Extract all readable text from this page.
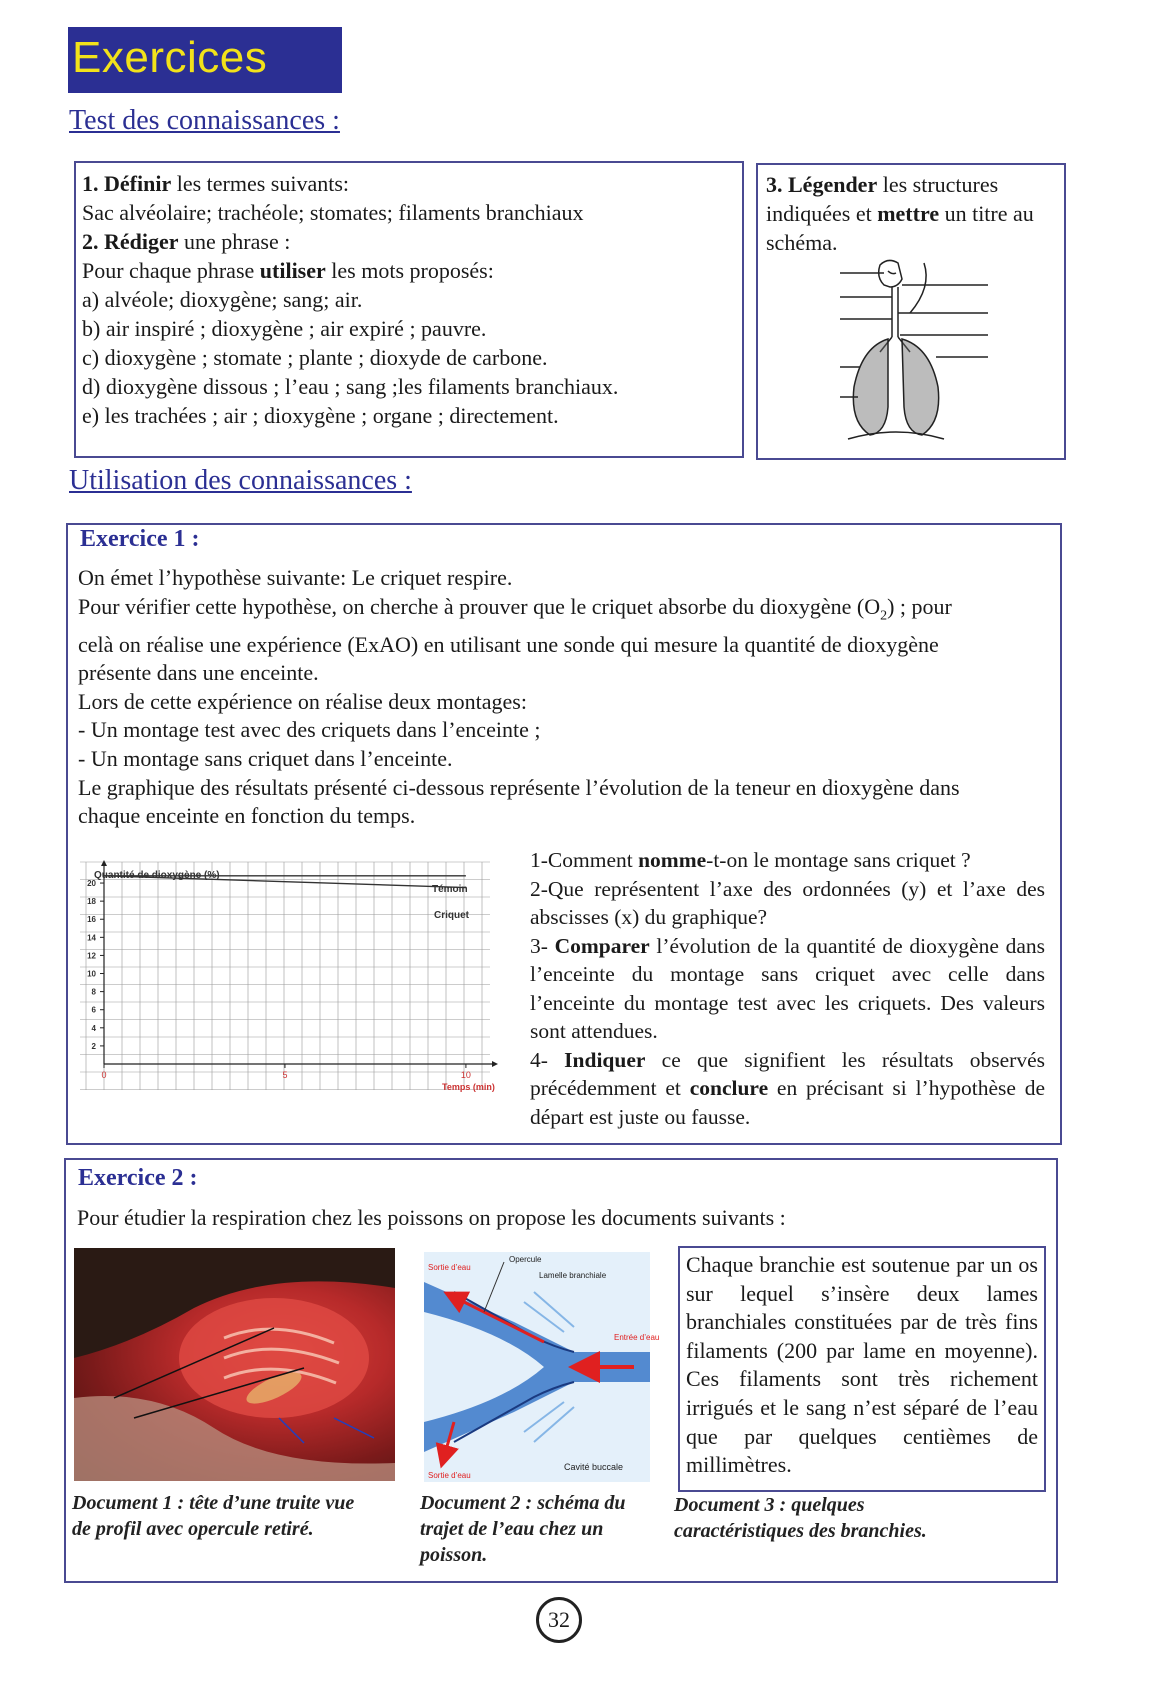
Exercices
Test des connaissances :

1. Définir les termes suivants:

Sac alvéolaire; trachéole; stomates; filaments branchiaux

2. Rédiger une phrase :

Pour chaque phrase utiliser les mots proposés:

a) alvéole; dioxygène; sang; air.

b) air inspiré ; dioxygène ; air expiré ; pauvre.

c) dioxygène ; stomate ; plante ; dioxyde de carbone.

d) dioxygène dissous ; l’eau ; sang ;les filaments branchiaux.

e) les trachées ; air ; dioxygène ; organe ; directement.

3. Légender les structures indiquées et mettre un titre au schéma.

Utilisation des connaissances :
Exercice 1 :

On émet l’hypothèse suivante: Le criquet respire.

Pour vérifier cette hypothèse, on cherche à prouver que le criquet absorbe du dioxygène $(O_2)$ ; pour

celà on réalise une expérience (ExAO) en utilisant une sonde qui mesure la quantité de dioxygène

présente dans une enceinte.

Lors de cette expérience on réalise deux montages:

- Un montage test avec des criquets dans l’enceinte ;

- Un montage sans criquet dans l’enceinte.

Le graphique des résultats présenté ci-dessous représente l’évolution de la teneur en dioxygène dans

chaque enceinte en fonction du temps.

2
4
6
8
10
12
14
16
18
20
0	5	10
Quantité de dioxygène (%)
Temps (min)
Témoin
Criquet

1-Comment nomme-t-on le montage sans criquet ?

2-Que représentent l’axe des ordonnées (y) et l’axe des abscisses (x) du graphique?

3- Comparer l’évolution de la quantité de dioxygène dans l’enceinte du montage sans criquet avec celle dans l’enceinte du montage test avec les criquets. Des valeurs sont attendues.

4- Indiquer ce que signifient les résultats observés précédemment et conclure en précisant si l’hypothèse de départ est juste ou fausse.

Exercice 2 :
Pour étudier la respiration chez les poissons on propose les documents suivants :
Opercule
Sortie d’eau
Lamelle branchiale
Entrée d’eau
Sortie d’eau
Cavité buccale
Chaque branchie est soutenue par un os sur lequel s’insère deux lames branchiales constituées par de très fins filaments (200 par lame en moyenne). Ces filaments sont très richement irrigués et le sang n’est séparé de l’eau que par quelques centièmes de millimètres.
Document 1 : tête d’une truite vue de profil avec opercule retiré.
Document 2 : schéma du trajet de l’eau chez un poisson.
Document 3 : quelques caractéristiques des branchies.
32
